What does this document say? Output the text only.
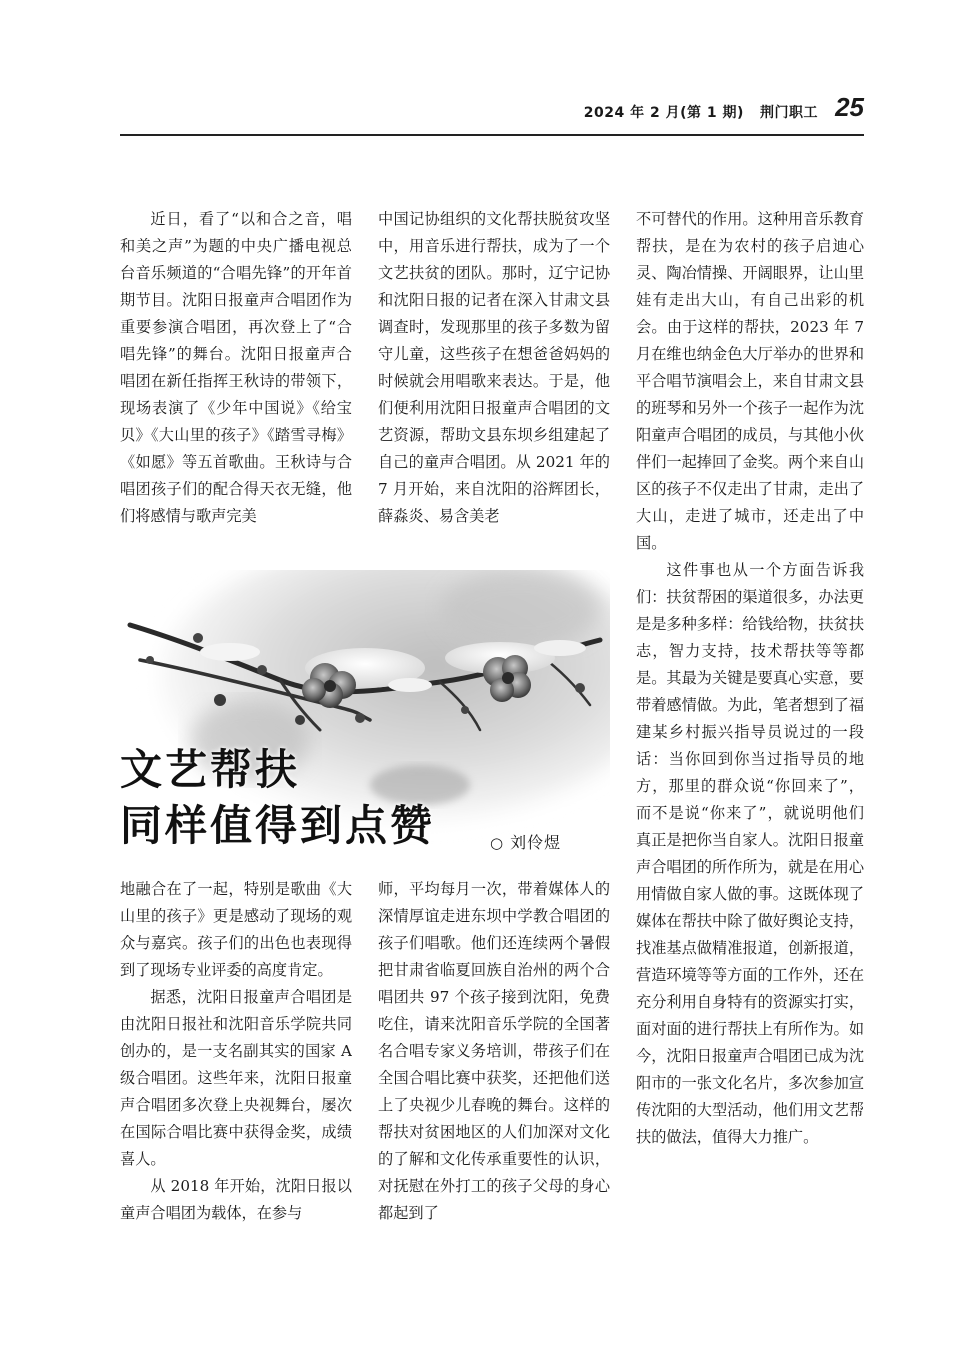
2024 年 2 月(第 1 期) 荆门职工 25

近日，看了“以和合之音，唱和美之声”为题的中央广播电视总台音乐频道的“合唱先锋”的开年首期节目。沈阳日报童声合唱团作为重要参演合唱团，再次登上了“合唱先锋”的舞台。沈阳日报童声合唱团在新任指挥王秋诗的带领下，现场表演了《少年中国说》《给宝贝》《大山里的孩子》《踏雪寻梅》《如愿》等五首歌曲。王秋诗与合唱团孩子们的配合得天衣无缝，他们将感情与歌声完美

中国记协组织的文化帮扶脱贫攻坚中，用音乐进行帮扶，成为了一个文艺扶贫的团队。那时，辽宁记协和沈阳日报的记者在深入甘肃文县调查时，发现那里的孩子多数为留守儿童，这些孩子在想爸爸妈妈的时候就会用唱歌来表达。于是，他们便利用沈阳日报童声合唱团的文艺资源，帮助文县东坝乡组建起了自己的童声合唱团。从 2021 年的 7 月开始，来自沈阳的浴辉团长，薛淼炎、易含美老

不可替代的作用。这种用音乐教育帮扶，是在为农村的孩子启迪心灵、陶冶情操、开阔眼界，让山里娃有走出大山，有自己出彩的机会。由于这样的帮扶，2023 年 7 月在维也纳金色大厅举办的世界和平合唱节演唱会上，来自甘肃文县的班琴和另外一个孩子一起作为沈阳童声合唱团的成员，与其他小伙伴们一起捧回了金奖。两个来自山区的孩子不仅走出了甘肃，走出了大山，走进了城市，还走出了中国。

这件事也从一个方面告诉我们：扶贫帮困的渠道很多，办法更是是多种多样：给钱给物，扶贫扶志，智力支持，技术帮扶等等都是。其最为关键是要真心实意，要带着感情做。为此，笔者想到了福建某乡村振兴指导员说过的一段话：当你回到你当过指导员的地方，那里的群众说“你回来了”，而不是说“你来了”，就说明他们真正是把你当自家人。沈阳日报童声合唱团的所作所为，就是在用心用情做自家人做的事。这既体现了媒体在帮扶中除了做好舆论支持，找准基点做精准报道，创新报道，营造环境等等方面的工作外，还在充分利用自身特有的资源实打实，面对面的进行帮扶上有所作为。如今，沈阳日报童声合唱团已成为沈阳市的一张文化名片，多次参加宣传沈阳的大型活动，他们用文艺帮扶的做法，值得大力推广。

文艺帮扶
同样值得到点赞	○ 刘伶煜

地融合在了一起，特别是歌曲《大山里的孩子》更是感动了现场的观众与嘉宾。孩子们的出色也表现得到了现场专业评委的高度肯定。

据悉，沈阳日报童声合唱团是由沈阳日报社和沈阳音乐学院共同创办的，是一支名副其实的国家 A 级合唱团。这些年来，沈阳日报童声合唱团多次登上央视舞台，屡次在国际合唱比赛中获得金奖，成绩喜人。

从 2018 年开始，沈阳日报以童声合唱团为载体，在参与

师，平均每月一次，带着媒体人的深情厚谊走进东坝中学教合唱团的孩子们唱歌。他们还连续两个暑假把甘肃省临夏回族自治州的两个合唱团共 97 个孩子接到沈阳，免费吃住，请来沈阳音乐学院的全国著名合唱专家义务培训，带孩子们在全国合唱比赛中获奖，还把他们送上了央视少儿春晚的舞台。这样的帮扶对贫困地区的人们加深对文化的了解和文化传承重要性的认识，对抚慰在外打工的孩子父母的身心都起到了
